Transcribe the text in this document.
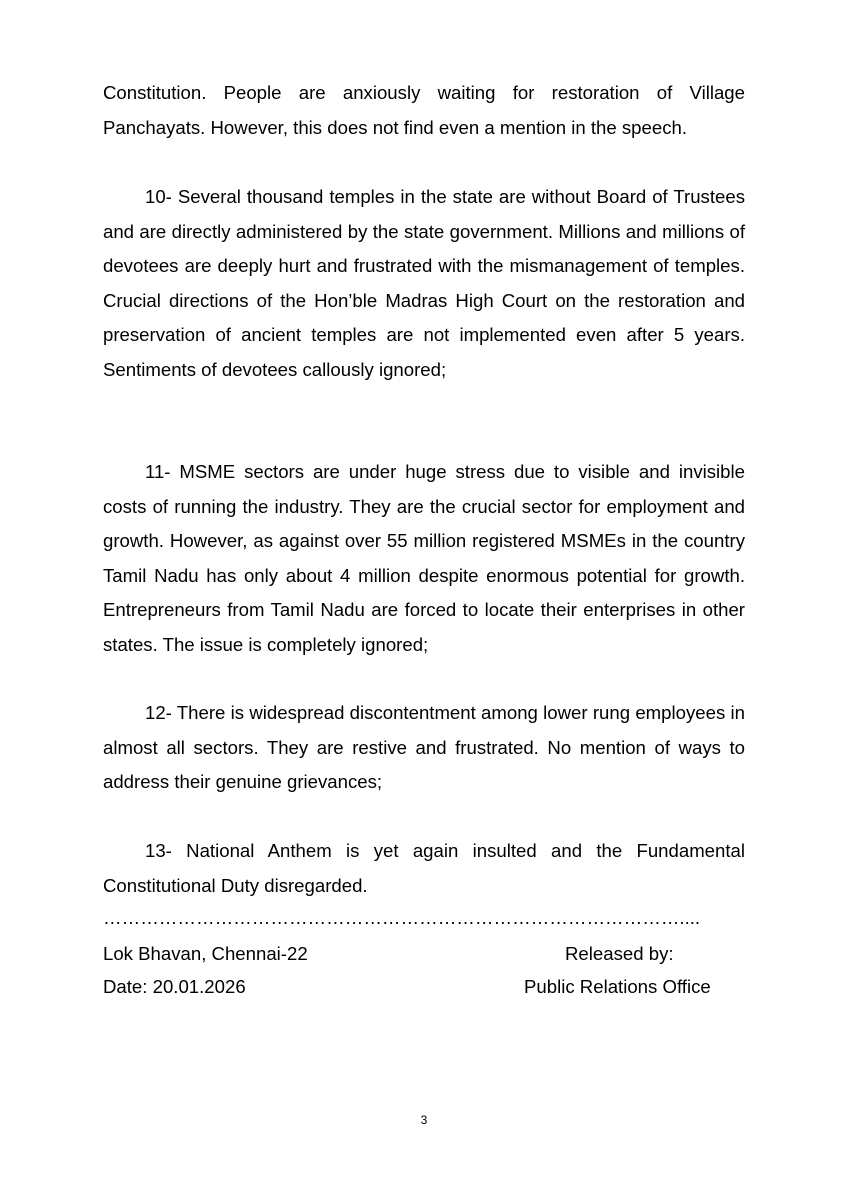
Constitution. People are anxiously waiting for restoration of Village Panchayats. However, this does not find even a mention in the speech.

10- Several thousand temples in the state are without Board of Trustees and are directly administered by the state government. Millions and millions of devotees are deeply hurt and frustrated with the mismanagement of temples. Crucial directions of the Hon’ble Madras High Court on the restoration and preservation of ancient temples are not implemented even after 5 years. Sentiments of devotees callously ignored;

11- MSME sectors are under huge stress due to visible and invisible costs of running the industry. They are the crucial sector for employment and growth. However, as against over 55 million registered MSMEs in the country Tamil Nadu has only about 4 million despite enormous potential for growth. Entrepreneurs from Tamil Nadu are forced to locate their enterprises in other states. The issue is completely ignored;

12- There is widespread discontentment among lower rung employees in almost all sectors. They are restive and frustrated. No mention of ways to address their genuine grievances;

13- National Anthem is yet again insulted and the Fundamental Constitutional Duty disregarded.

…………………………………………………………………………………....
Lok Bhavan, Chennai-22
Date: 20.01.2026
Released by:
Public Relations Office
3
